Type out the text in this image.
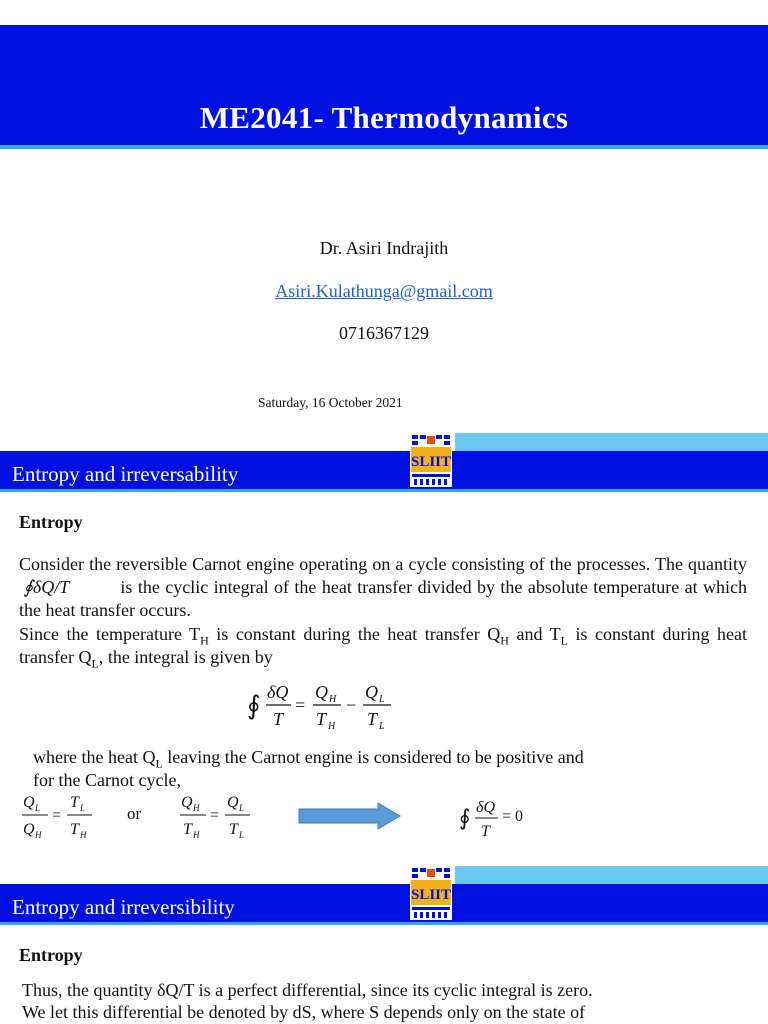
ME2041- Thermodynamics
Dr. Asiri Indrajith
Asiri.Kulathunga@gmail.com
0716367129
Saturday, 16 October 2021
Entropy and irreversability	SLIIT
Entropy
Consider the reversible Carnot engine operating on a cycle consisting of the processes. The quantity  ∮δQ/T	is the cyclic integral of the heat transfer divided by the absolute temperature at which the heat transfer occurs.
Since the temperature $T_H$ is constant during the heat transfer $Q_H$ and $T_L$ is constant during heat transfer $Q_L$, the integral is given by
∮ δQ
T
=
Q H
T H
−
Q L
T L
where the heat $Q_L$ leaving the Carnot engine is considered to be positive and
for the Carnot cycle,
Q L
Q H
=
T L
T H
or
Q H
T H
=
Q L
T L
∮ δQ
T
= 0
Entropy and irreversibility	SLIIT
Entropy
Thus, the quantity δQ/T is a perfect differential, since its cyclic integral is zero.
We let this differential be denoted by dS, where S depends only on the state of
